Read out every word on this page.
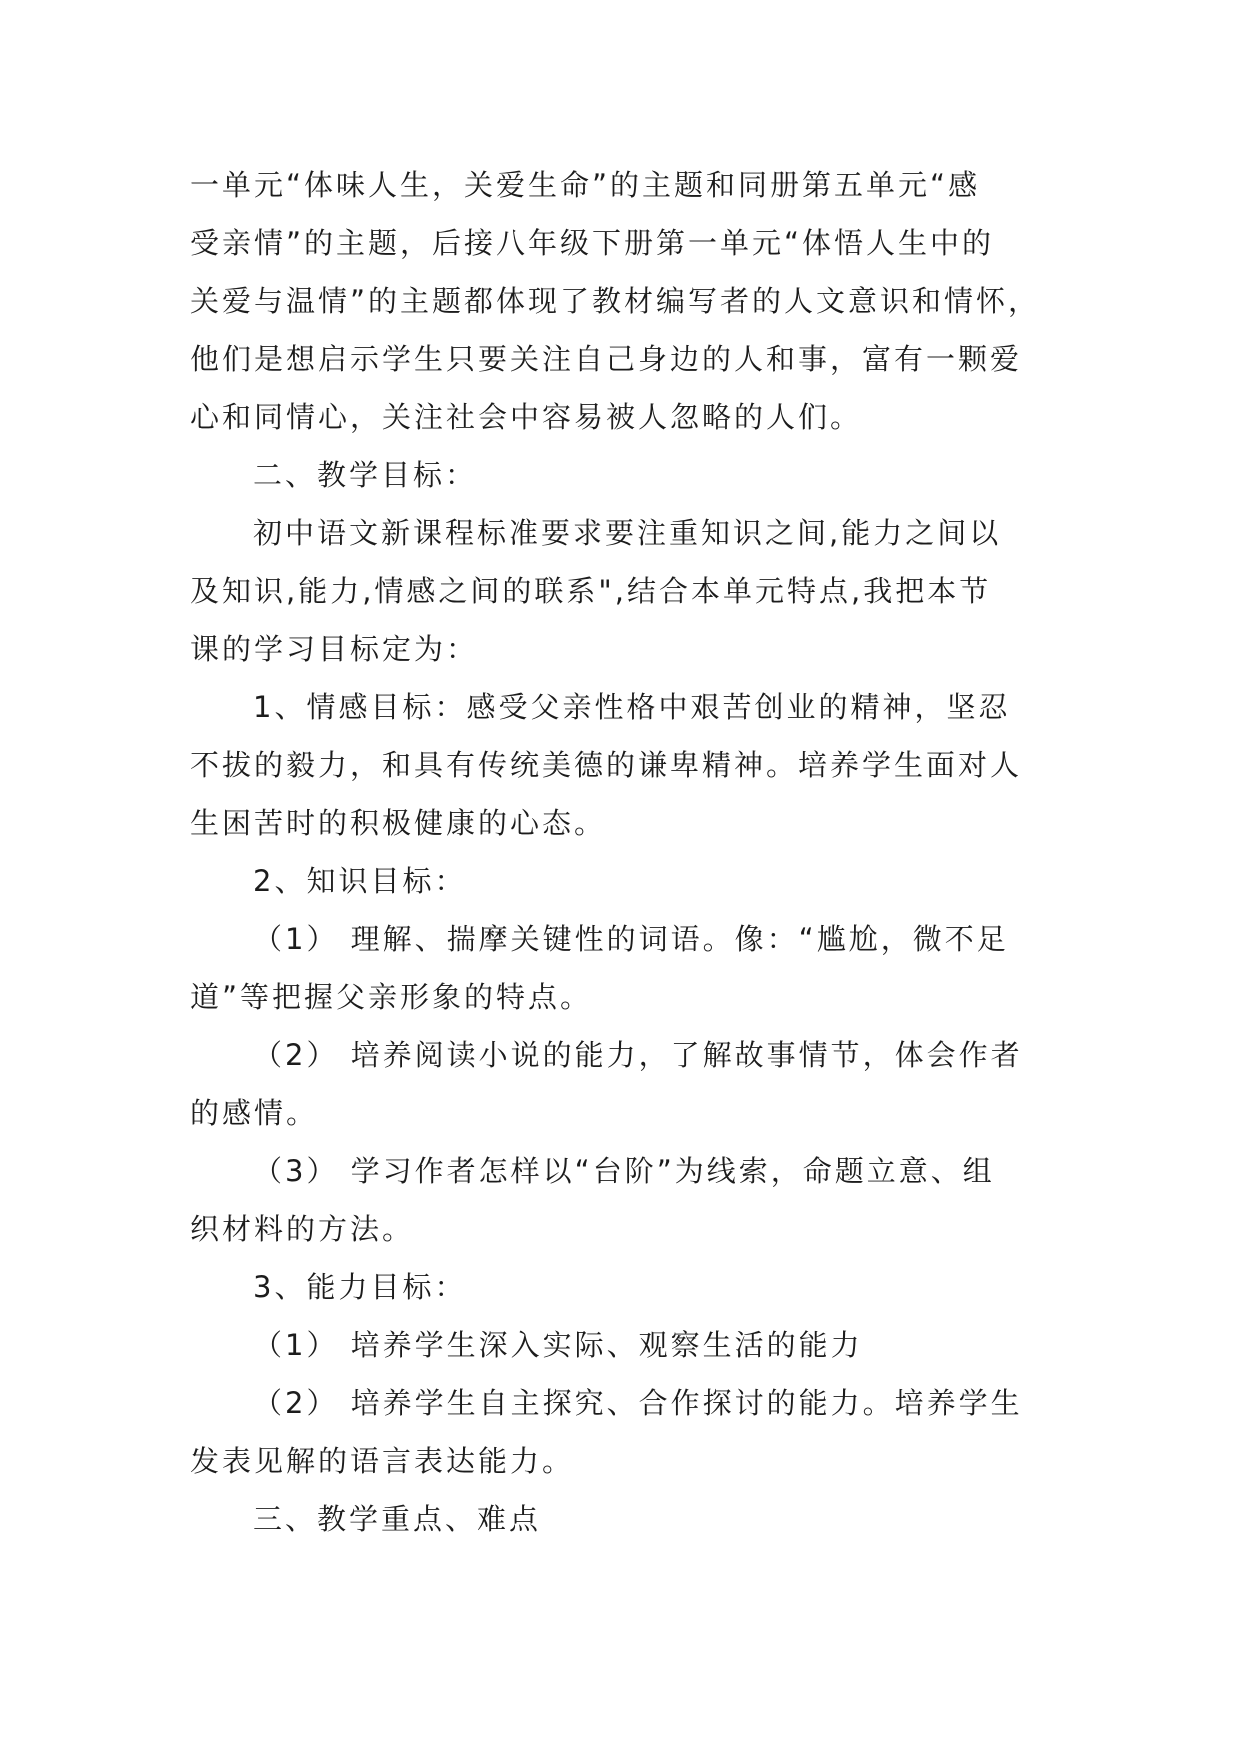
一单元“体味人生，关爱生命”的主题和同册第五单元“感
受亲情”的主题，后接八年级下册第一单元“体悟人生中的
关爱与温情”的主题都体现了教材编写者的人文意识和情怀，
他们是想启示学生只要关注自己身边的人和事，富有一颗爱
心和同情心，关注社会中容易被人忽略的人们。
二、教学目标：
初中语文新课程标准要求要注重知识之间,能力之间以
及知识,能力,情感之间的联系",结合本单元特点,我把本节
课的学习目标定为：
1、情感目标：感受父亲性格中艰苦创业的精神，坚忍
不拔的毅力，和具有传统美德的谦卑精神。培养学生面对人
生困苦时的积极健康的心态。
2、知识目标：
（1） 理解、揣摩关键性的词语。像：“尴尬，微不足
道”等把握父亲形象的特点。
（2） 培养阅读小说的能力，了解故事情节，体会作者
的感情。
（3） 学习作者怎样以“台阶”为线索，命题立意、组
织材料的方法。
3、能力目标：
（1） 培养学生深入实际、观察生活的能力
（2） 培养学生自主探究、合作探讨的能力。培养学生
发表见解的语言表达能力。
三、教学重点、难点
